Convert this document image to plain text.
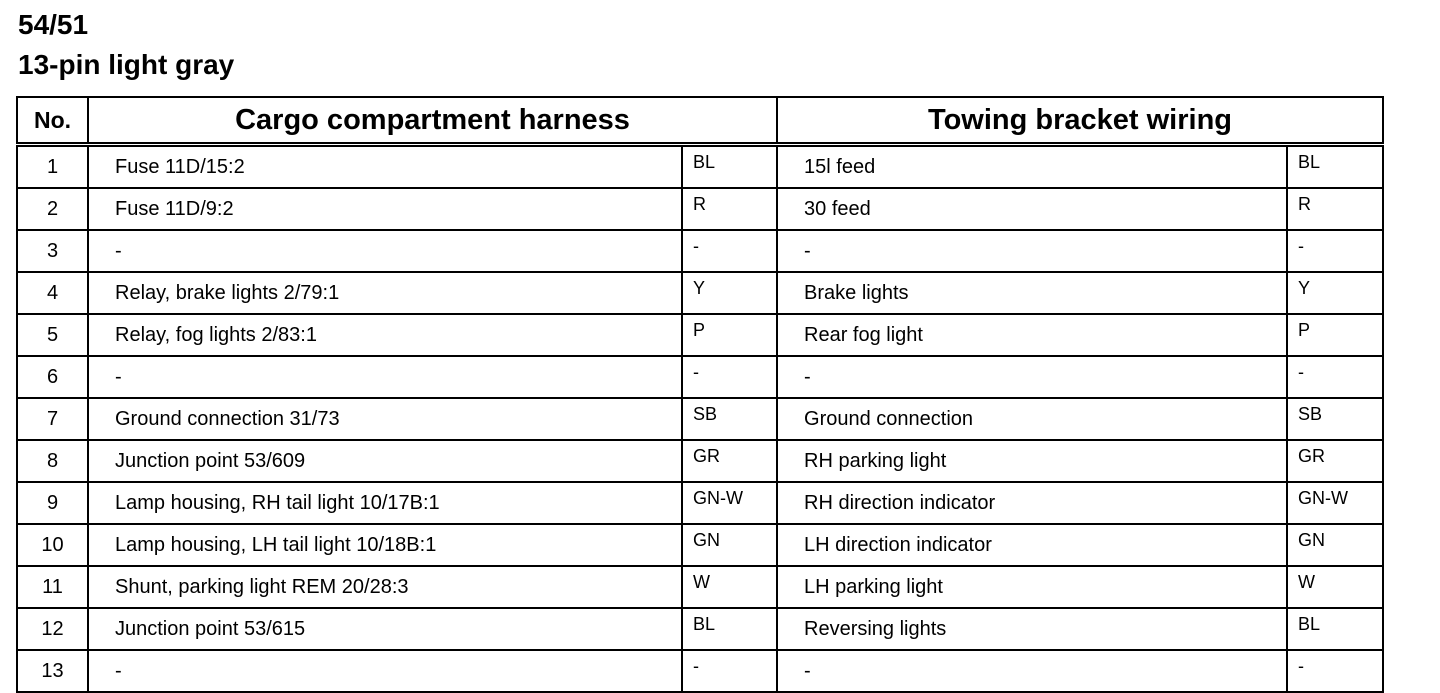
54/51
13-pin light gray
No.	Cargo compartment harness		Towing bracket wiring	
1	Fuse 11D/15:2	BL	15l feed	BL
2	Fuse 11D/9:2	R	30 feed	R
3	-	-	-	-
4	Relay, brake lights 2/79:1	Y	Brake lights	Y
5	Relay, fog lights 2/83:1	P	Rear fog light	P
6	-	-	-	-
7	Ground connection 31/73	SB	Ground connection	SB
8	Junction point 53/609	GR	RH parking light	GR
9	Lamp housing, RH tail light 10/17B:1	GN-W	RH direction indicator	GN-W
10	Lamp housing, LH tail light 10/18B:1	GN	LH direction indicator	GN
11	Shunt, parking light REM 20/28:3	W	LH parking light	W
12	Junction point 53/615	BL	Reversing lights	BL
13	-	-	-	-
